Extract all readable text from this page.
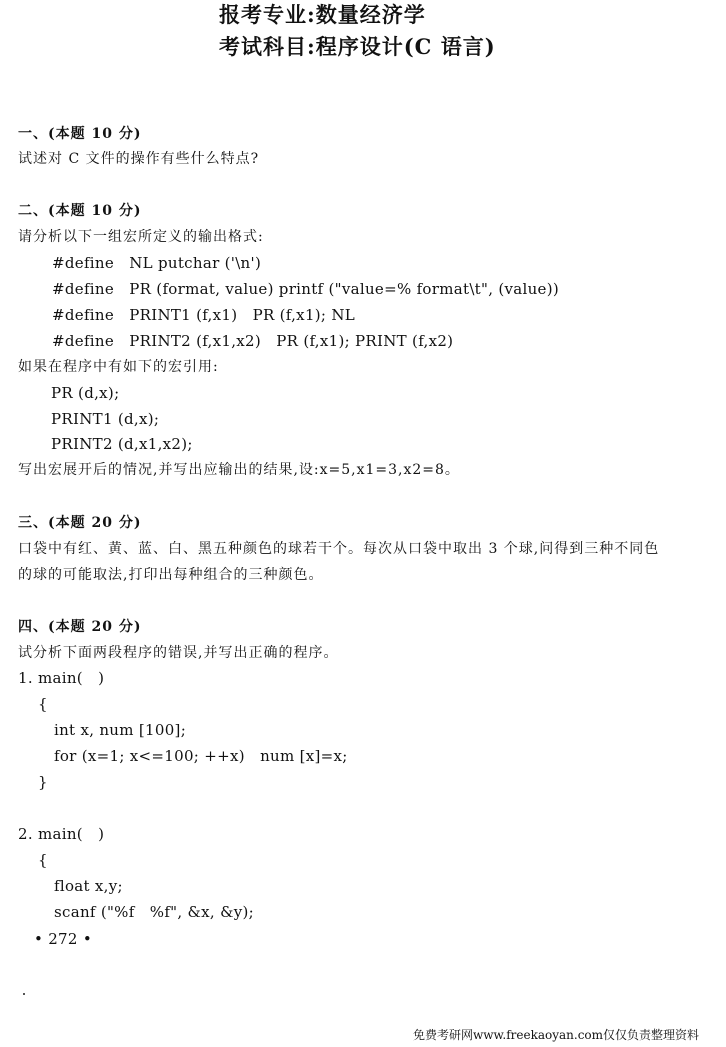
报考专业:数量经济学
考试科目:程序设计(C 语言)
一、(本题 10 分)
试述对 C 文件的操作有些什么特点?
二、(本题 10 分)
请分析以下一组宏所定义的输出格式:
#define   NL putchar ('\n')
#define   PR (format, value) printf ("value=% format\t", (value))
#define   PRINT1 (f,x1)   PR (f,x1); NL
#define   PRINT2 (f,x1,x2)   PR (f,x1); PRINT (f,x2)
如果在程序中有如下的宏引用:
PR (d,x);
PRINT1 (d,x);
PRINT2 (d,x1,x2);
写出宏展开后的情况,并写出应输出的结果,设:x=5,x1=3,x2=8。
三、(本题 20 分)
口袋中有红、黄、蓝、白、黑五种颜色的球若干个。每次从口袋中取出 3 个球,问得到三种不同色
的球的可能取法,打印出每种组合的三种颜色。
四、(本题 20 分)
试分析下面两段程序的错误,并写出正确的程序。
1. main(   )
{
int x, num [100];
for (x=1; x<=100; ++x)   num [x]=x;
}
2. main(   )
{
float x,y;
scanf ("%f   %f", &x, &y);
• 272 •
免费考研网www.freekaoyan.com仅仅负责整理资料
